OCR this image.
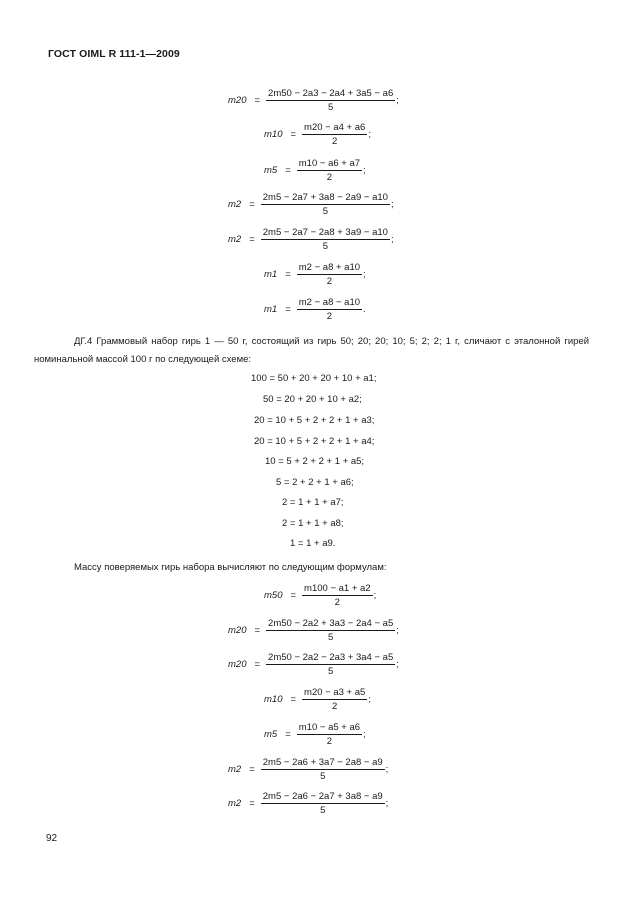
ГОСТ OIML R 111-1—2009
$m20 = \frac{2m50 - 2a3 - 2a4 + 3a5 - a6}{5}$ ;
$m10 = \frac{m20 - a4 + a6}{2}$ ;
$m5 = \frac{m10 - a6 + a7}{2}$ ;
$m2 = \frac{2m5 - 2a7 + 3a8 - 2a9 - a10}{5}$ ;
$m2 = \frac{2m5 - 2a7 - 2a8 + 3a9 - a10}{5}$ ;
$m1 = \frac{m2 - a8 + a10}{2}$ ;
$m1 = \frac{m2 - a8 - a10}{2}$ .
ДГ.4 Граммовый набор гирь 1 — 50 г, состоящий из гирь 50; 20; 20; 10; 5; 2; 2; 1 г, сличают с эталонной гирей номинальной массой 100 г по следующей схеме:
100 = 50 + 20 + 20 + 10 + a1;
50 = 20 + 20 + 10 + a2;
20 = 10 + 5 + 2 + 2 + 1 + a3;
20 = 10 + 5 + 2 + 2 + 1 + a4;
10 = 5 + 2 + 2 + 1 + a5;
5 = 2 + 2 + 1 + a6;
2 = 1 + 1 + a7;
2 = 1 + 1 + a8;
1 = 1 + a9.
Массу поверяемых гирь набора вычисляют по следующим формулам:
$m50 = \frac{m100 - a1 + a2}{2}$ ;
$m20 = \frac{2m50 - 2a2 + 3a3 - 2a4 - a5}{5}$ ;
$m20 = \frac{2m50 - 2a2 - 2a3 + 3a4 - a5}{5}$ ;
$m10 = \frac{m20 - a3 + a5}{2}$ ;
$m5 = \frac{m10 - a5 + a6}{2}$ ;
$m2 = \frac{2m5 - 2a6 + 3a7 - 2a8 - a9}{5}$ ;
$m2 = \frac{2m5 - 2a6 - 2a7 + 3a8 - a9}{5}$ ;
92
